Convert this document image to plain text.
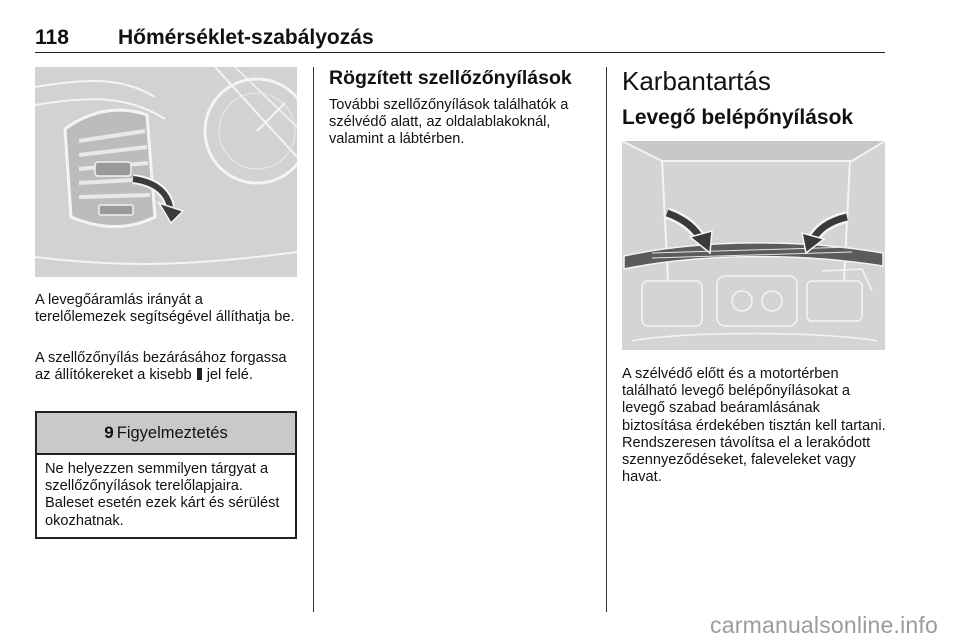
118 Hőmérséklet-szabályozás

A levegőáramlás irányát a terelőlemezek segítségével állíthatja be.

A szellőzőnyílás bezárásához forgassa az állítókereket a kisebb jel felé.

9 Figyelmeztetés

Ne helyezzen semmilyen tárgyat a szellőzőnyílások terelőlapjaira. Baleset esetén ezek kárt és sérülést okozhatnak.

Rögzített szellőzőnyílások

További szellőzőnyílások találhatók a szélvédő alatt, az oldalablakoknál, valamint a lábtérben.

Karbantartás
Levegő belépőnyílások

A szélvédő előtt és a motortérben található levegő belépőnyílásokat a levegő szabad beáramlásának biztosítása érdekében tisztán kell tartani. Rendszeresen távolítsa el a lerakódott szennyeződéseket, faleveleket vagy havat.

carmanualsonline.info
